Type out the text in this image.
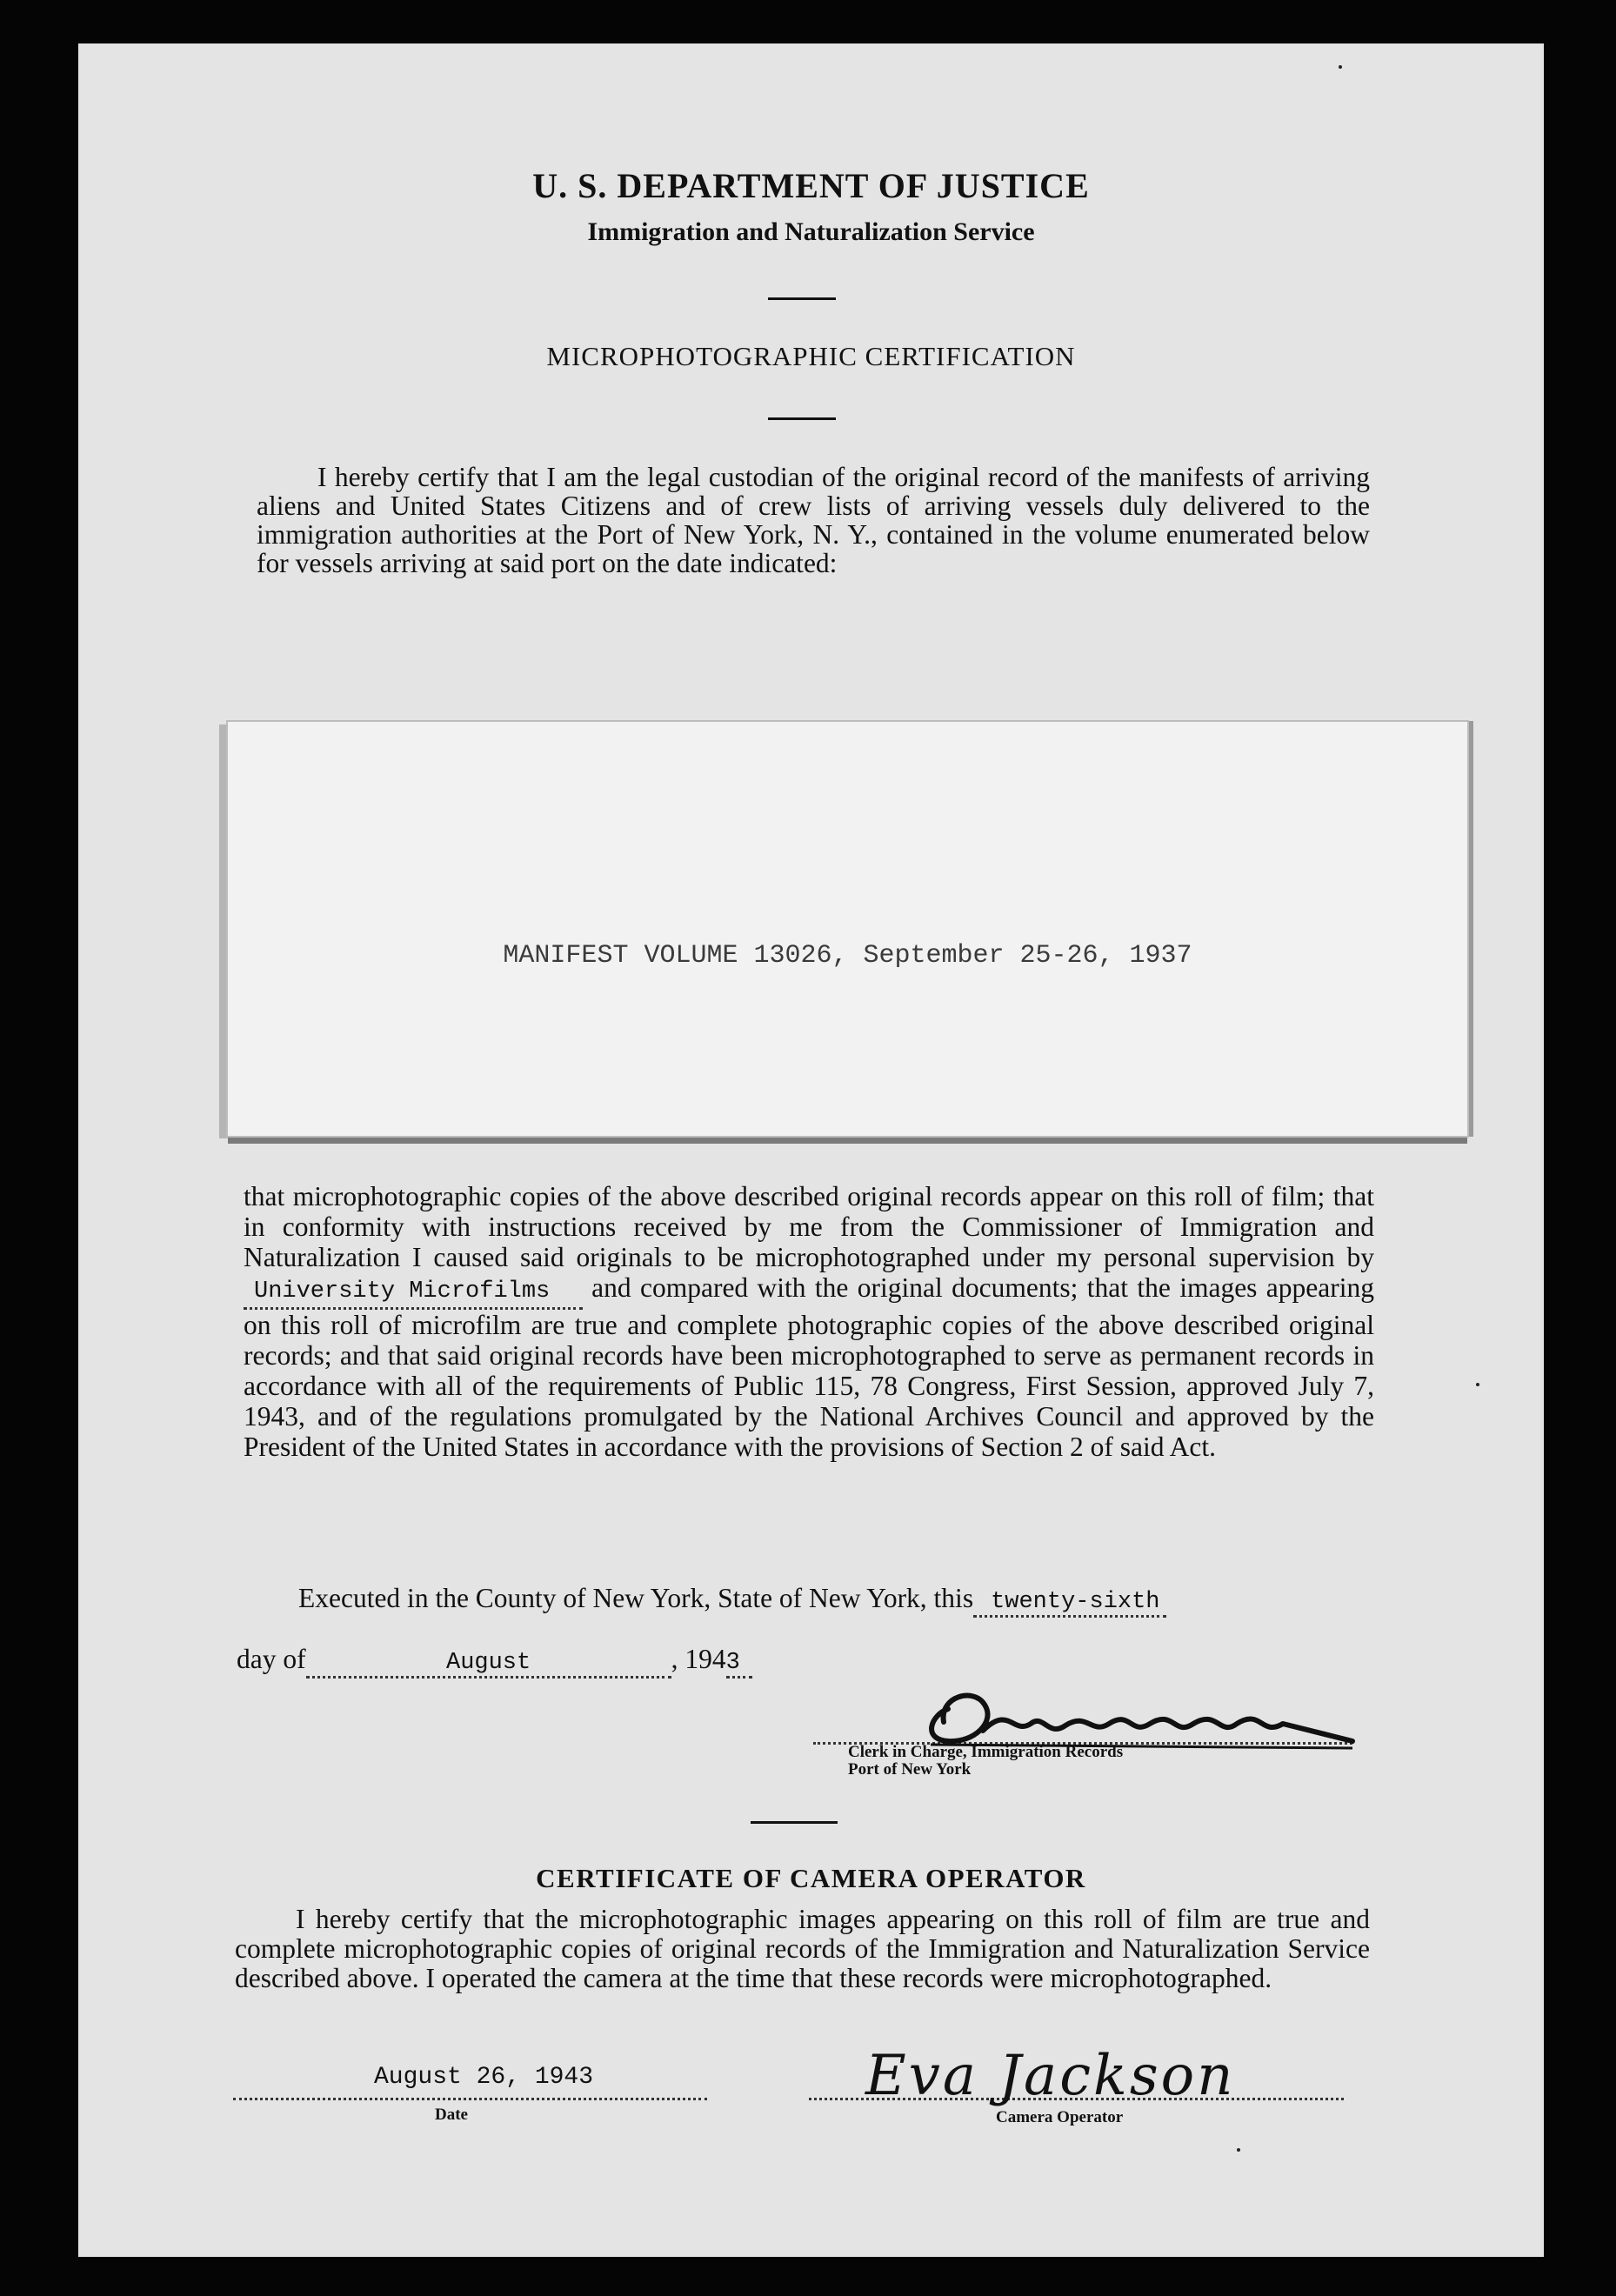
U. S. DEPARTMENT OF JUSTICE
Immigration and Naturalization Service
MICROPHOTOGRAPHIC CERTIFICATION

I hereby certify that I am the legal custodian of the original record of the manifests of arriving aliens and United States Citizens and of crew lists of arriving vessels duly delivered to the immigration authorities at the Port of New York, N. Y., contained in the volume enumerated below for vessels arriving at said port on the date indicated:

MANIFEST VOLUME 13026, September 25-26, 1937

that microphotographic copies of the above described original records appear on this roll of film; that in conformity with instructions received by me from the Commissioner of Immigration and Naturalization I caused said originals to be microphotographed under my personal supervision byUniversity Microfilms and compared with the original documents; that the images appearing on this roll of microfilm are true and complete photographic copies of the above described original records; and that said original records have been microphotographed to serve as permanent records in accordance with all of the requirements of Public 115, 78 Congress, First Session, approved July 7, 1943, and of the regulations promulgated by the National Archives Council and approved by the President of the United States in accordance with the provisions of Section 2 of said Act.

Executed in the County of New York, State of New York, this twenty-sixth
day of	August	, 1943
Clerk in Charge, Immigration Records
Port of New York
CERTIFICATE OF CAMERA OPERATOR

I hereby certify that the microphotographic images appearing on this roll of film are true and complete microphotographic copies of original records of the Immigration and Naturalization Service described above. I operated the camera at the time that these records were microphotographed.

August 26, 1943
Date
Eva Jackson
Camera Operator
